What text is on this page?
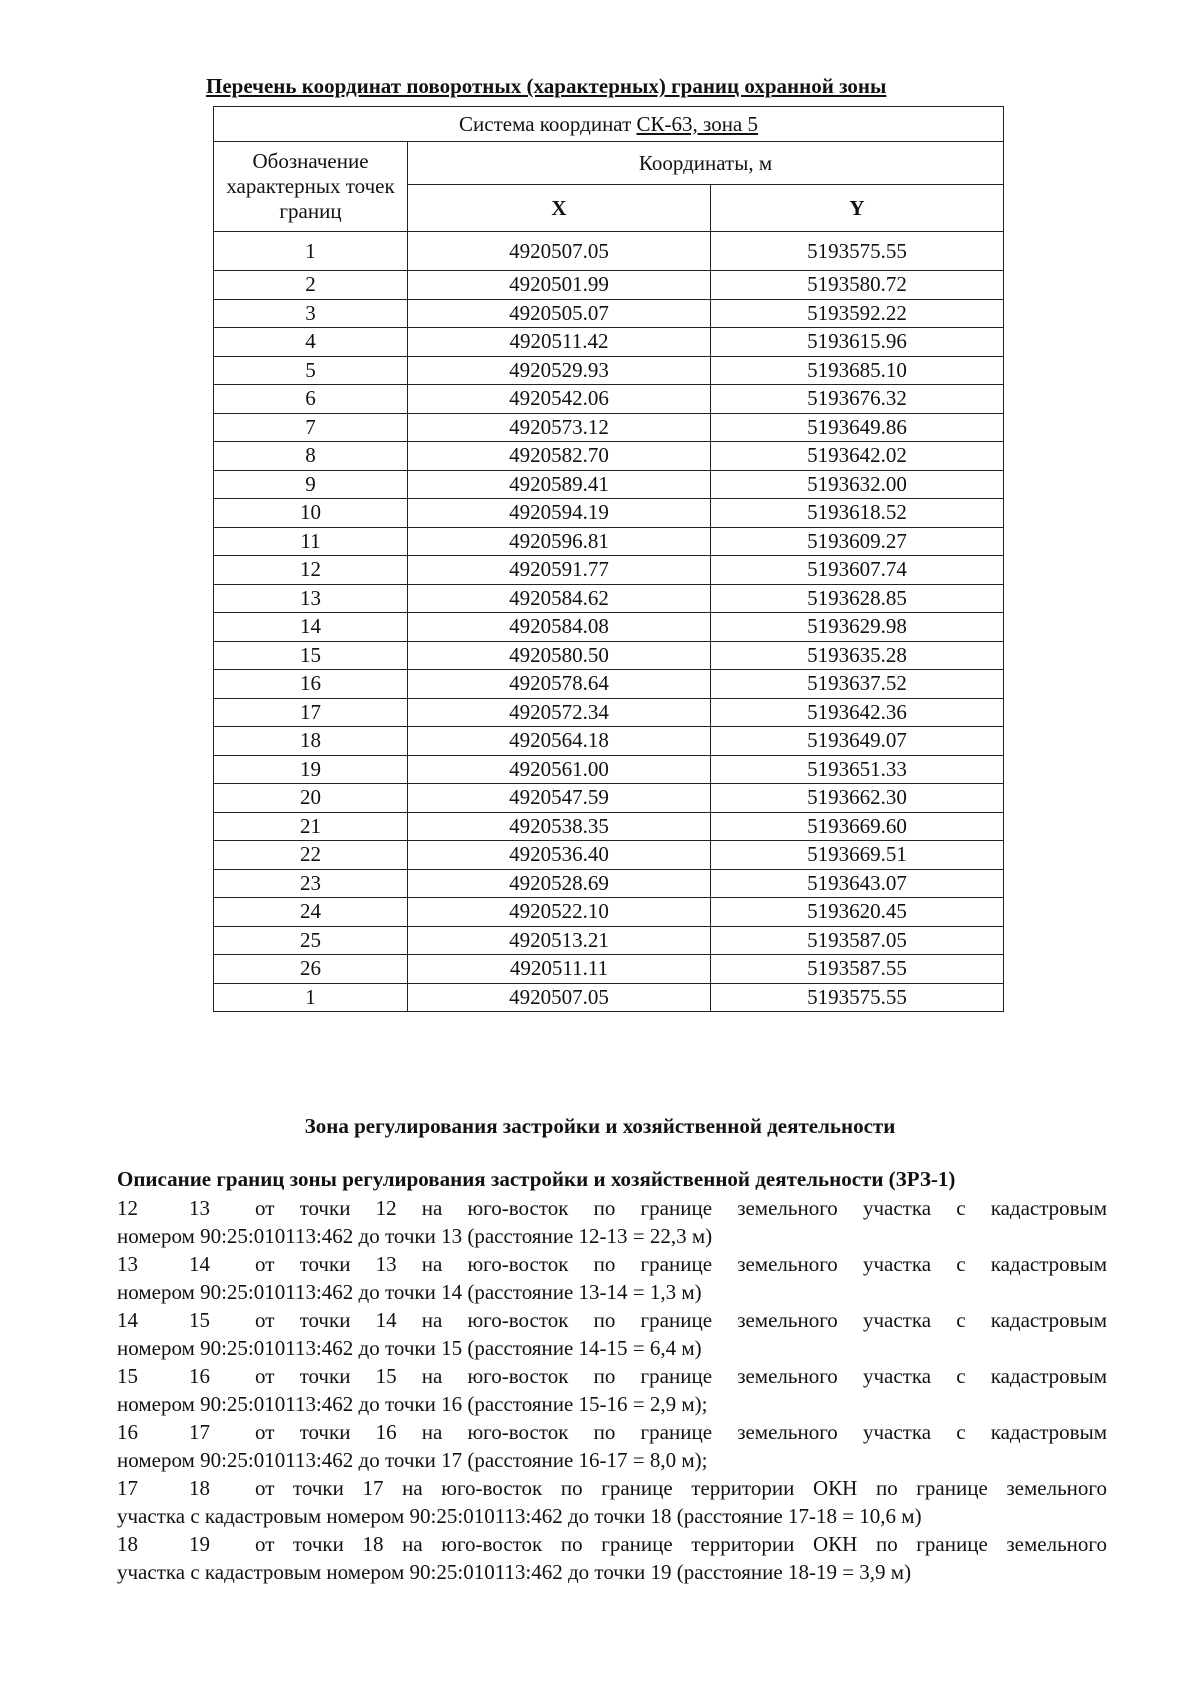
Перечень координат поворотных (характерных) границ охранной зоны
Система координат СК-63, зона 5		
Обозначение характерных точек границ	Координаты, м	
	X	Y
1	4920507.05	5193575.55
2	4920501.99	5193580.72
3	4920505.07	5193592.22
4	4920511.42	5193615.96
5	4920529.93	5193685.10
6	4920542.06	5193676.32
7	4920573.12	5193649.86
8	4920582.70	5193642.02
9	4920589.41	5193632.00
10	4920594.19	5193618.52
11	4920596.81	5193609.27
12	4920591.77	5193607.74
13	4920584.62	5193628.85
14	4920584.08	5193629.98
15	4920580.50	5193635.28
16	4920578.64	5193637.52
17	4920572.34	5193642.36
18	4920564.18	5193649.07
19	4920561.00	5193651.33
20	4920547.59	5193662.30
21	4920538.35	5193669.60
22	4920536.40	5193669.51
23	4920528.69	5193643.07
24	4920522.10	5193620.45
25	4920513.21	5193587.05
26	4920511.11	5193587.55
1	4920507.05	5193575.55
Зона регулирования застройки и хозяйственной деятельности
Описание границ зоны регулирования застройки и хозяйственной деятельности (ЗРЗ-1)
12 13 от точки 12 на юго-восток по границе земельного участка с кадастровым
номером 90:25:010113:462 до точки 13 (расстояние 12-13 = 22,3 м)
13 14 от точки 13 на юго-восток по границе земельного участка с кадастровым
номером 90:25:010113:462 до точки 14 (расстояние 13-14 = 1,3 м)
14 15 от точки 14 на юго-восток по границе земельного участка с кадастровым
номером 90:25:010113:462 до точки 15 (расстояние 14-15 = 6,4 м)
15 16 от точки 15 на юго-восток по границе земельного участка с кадастровым
номером 90:25:010113:462 до точки 16 (расстояние 15-16 = 2,9 м);
16 17 от точки 16 на юго-восток по границе земельного участка с кадастровым
номером 90:25:010113:462 до точки 17 (расстояние 16-17 = 8,0 м);
17 18 от точки 17 на юго-восток по границе территории ОКН по границе земельного
участка с кадастровым номером 90:25:010113:462 до точки 18 (расстояние 17-18 = 10,6 м)
18 19 от точки 18 на юго-восток по границе территории ОКН по границе земельного
участка с кадастровым номером 90:25:010113:462 до точки 19 (расстояние 18-19 = 3,9 м)
